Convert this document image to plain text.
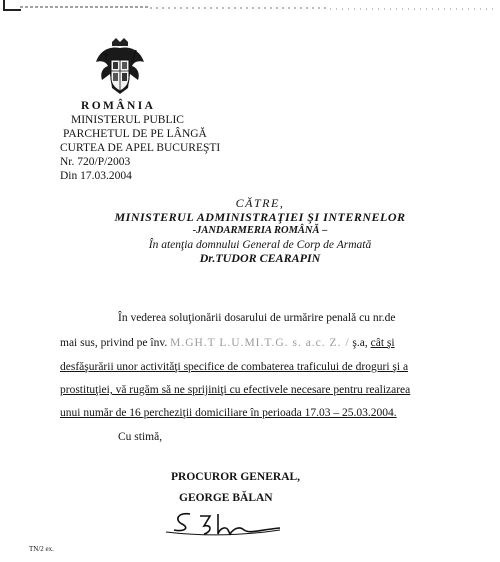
ROMÂNIA
MINISTERUL PUBLIC
PARCHETUL DE PE LÂNGĂ
CURTEA DE APEL BUCUREŞTI
Nr. 720/P/2003
Din 17.03.2004
CĂTRE,
MINISTERUL ADMINISTRAŢIEI ŞI INTERNELOR
-JANDARMERIA ROMÂNĂ –
În atenţia domnului General de Corp de Armată
Dr.TUDOR CEARAPIN
În vederea soluţionării dosarului de urmărire penală cu nr.de
mai sus, privind pe înv. M.GH.T L.U.MI.T.G. s. a.c. Z. / ş.a, cât şi
desfăşurării unor activităţi specifice de combaterea traficului de droguri şi a
prostituţiei, vă rugăm să ne sprijiniţi cu efectivele necesare pentru realizarea
unui număr de 16 percheziţii domiciliare în perioada 17.03 – 25.03.2004.
Cu stimă,
PROCUROR GENERAL,
GEORGE BĂLAN
TN/2 ex.
